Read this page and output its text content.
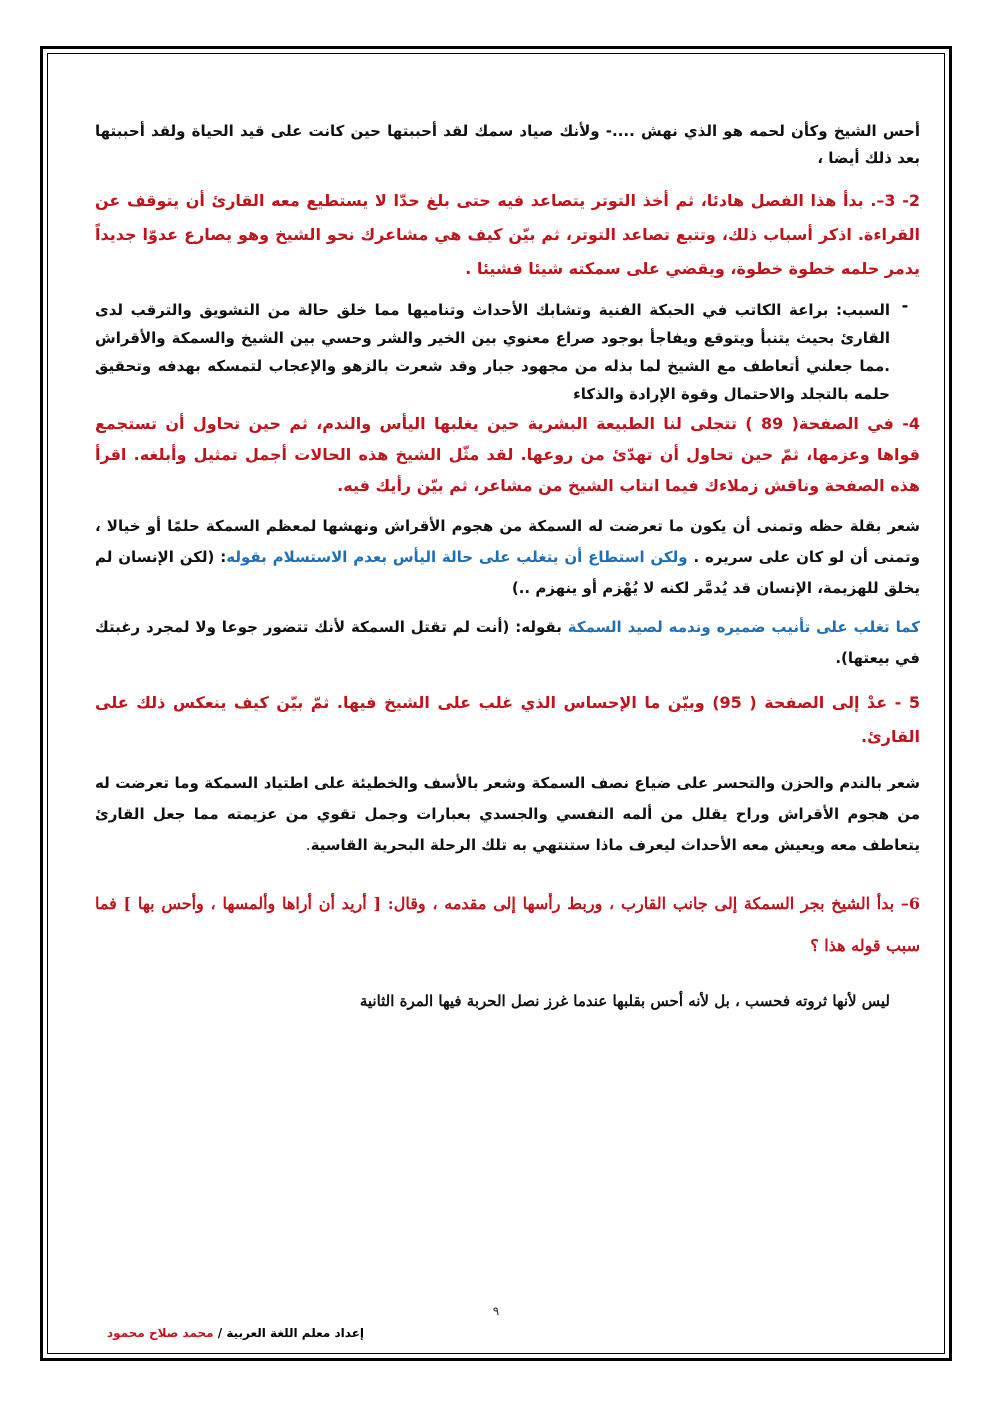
أحس الشيخ وكأن لحمه هو الذي نهش ....- ولأنك صياد سمك لقد أحببتها حين كانت على قيد الحياة ولقد أحببتها بعد ذلك أيضا ،

2- 3–. بدأ هذا الفصل هادئا، ثم أخذ التوتر يتصاعد فيه حتى بلغ حدّا لا يستطيع معه القارئ أن يتوقف عن القراءة. اذكر أسباب ذلك، وتتبع تصاعد التوتر، ثم بيّن كيف هي مشاعرك نحو الشيخ وهو يصارع عدوّا جديداً يدمر حلمه خطوة خطوة، ويقضي على سمكته شيئا فشيئا .

-

السبب: براعة الكاتب في الحبكة الفنية وتشابك الأحداث وتناميها مما خلق حالة من التشويق والترقب لدى القارئ بحيث يتنبأ ويتوقع ويفاجأ بوجود صراع معنوي بين الخير والشر وحسي بين الشيخ والسمكة والأقراش .مما جعلني أتعاطف مع الشيخ لما بذله من مجهود جبار وقد شعرت بالزهو والإعجاب لتمسكه بهدفه وتحقيق حلمه بالتجلد والاحتمال وقوة الإرادة والذكاء

4- في الصفحة( 89 ) تتجلى لنا الطبيعة البشرية حين يغلبها اليأس والندم، ثم حين تحاول أن تستجمع قواها وعزمها، ثمّ حين تحاول أن تهدّئ من روعها. لقد مثّل الشيخ هذه الحالات أجمل تمثيل وأبلغه. اقرأ هذه الصفحة وناقش زملاءك فيما انتاب الشيخ من مشاعر، ثم بيّن رأيك فيه.

شعر بقلة حظه وتمنى أن يكون ما تعرضت له السمكة من هجوم الأقراش ونهشها لمعظم السمكة حلمًا أو خيالا ، وتمنى أن لو كان على سريره . ولكن استطاع أن يتغلب على حالة اليأس بعدم الاستسلام بقوله: (لكن الإنسان لم يخلق للهزيمة، الإنسان قد يُدمَّر لكنه لا يُهْزم أو ينهزم ..)

كما تغلب على تأنيب ضميره وندمه لصيد السمكة بقوله: (أنت لم تقتل السمكة لأنك تتضور جوعا ولا لمجرد رغبتك في بيعتها).

5 - عدْ إلى الصفحة ( 95) وبيّن ما الإحساس الذي غلب على الشيخ فيها. ثمّ بيّن كيف ينعكس ذلك على القارئ.

شعر بالندم والحزن والتحسر على ضياع نصف السمكة وشعر بالأسف والخطيئة على اطتياد السمكة وما تعرضت له من هجوم الأقراش وراح يقلل من ألمه النفسي والجسدي بعبارات وجمل تقوي من عزيمته مما جعل القارئ يتعاطف معه ويعيش معه الأحداث ليعرف ماذا ستنتهي به تلك الرحلة البحرية القاسية.

6– بدأ الشيخ بجر السمكة إلى جانب القارب ، وربط رأسها إلى مقدمه ، وقال: [ أريد أن أراها وألمسها ، وأحس بها ] فما سبب قوله هذا ؟

ليس لأنها ثروته فحسب ، بل لأنه أحس بقلبها عندما غرز نصل الحربة فيها المرة الثانية

٩
إعداد معلم اللغة العربية / محمد صلاح محمود
